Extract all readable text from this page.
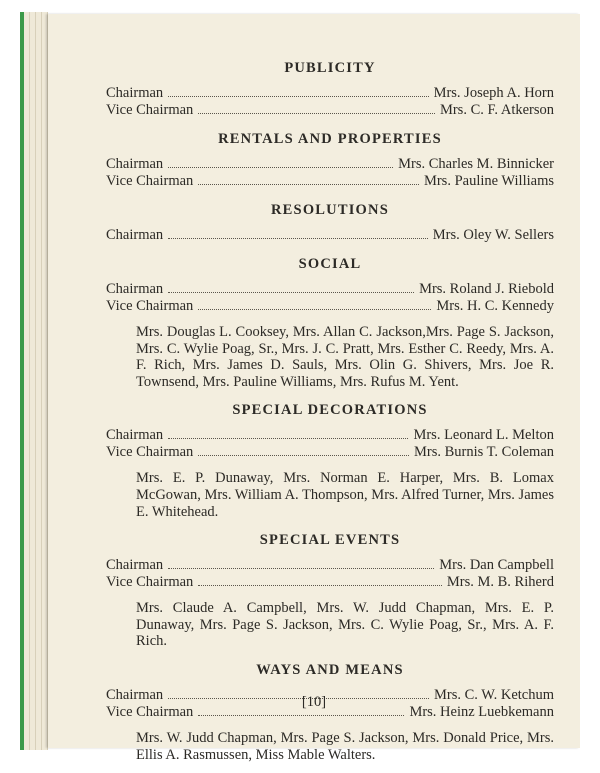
PUBLICITY
Chairman	Mrs. Joseph A. Horn
Vice Chairman	Mrs. C. F. Atkerson
RENTALS AND PROPERTIES
Chairman	Mrs. Charles M. Binnicker
Vice Chairman	Mrs. Pauline Williams
RESOLUTIONS
Chairman	Mrs. Oley W. Sellers
SOCIAL
Chairman	Mrs. Roland J. Riebold
Vice Chairman	Mrs. H. C. Kennedy
Mrs. Douglas L. Cooksey, Mrs. Allan C. Jackson,Mrs. Page S. Jackson, Mrs. C. Wylie Poag, Sr., Mrs. J. C. Pratt, Mrs. Esther C. Reedy, Mrs. A. F. Rich, Mrs. James D. Sauls, Mrs. Olin G. Shivers, Mrs. Joe R. Townsend, Mrs. Pauline Williams, Mrs. Rufus M. Yent.
SPECIAL DECORATIONS
Chairman	Mrs. Leonard L. Melton
Vice Chairman	Mrs. Burnis T. Coleman
Mrs. E. P. Dunaway, Mrs. Norman E. Harper, Mrs. B. Lomax McGowan, Mrs. William A. Thompson, Mrs. Alfred Turner, Mrs. James E. Whitehead.
SPECIAL EVENTS
Chairman	Mrs. Dan Campbell
Vice Chairman	Mrs. M. B. Riherd
Mrs. Claude A. Campbell, Mrs. W. Judd Chapman, Mrs. E. P. Dunaway, Mrs. Page S. Jackson, Mrs. C. Wylie Poag, Sr., Mrs. A. F. Rich.
WAYS AND MEANS
Chairman	Mrs. C. W. Ketchum
Vice Chairman	Mrs. Heinz Luebkemann
Mrs. W. Judd Chapman, Mrs. Page S. Jackson, Mrs. Donald Price, Mrs. Ellis A. Rasmussen, Miss Mable Walters.
[10]
